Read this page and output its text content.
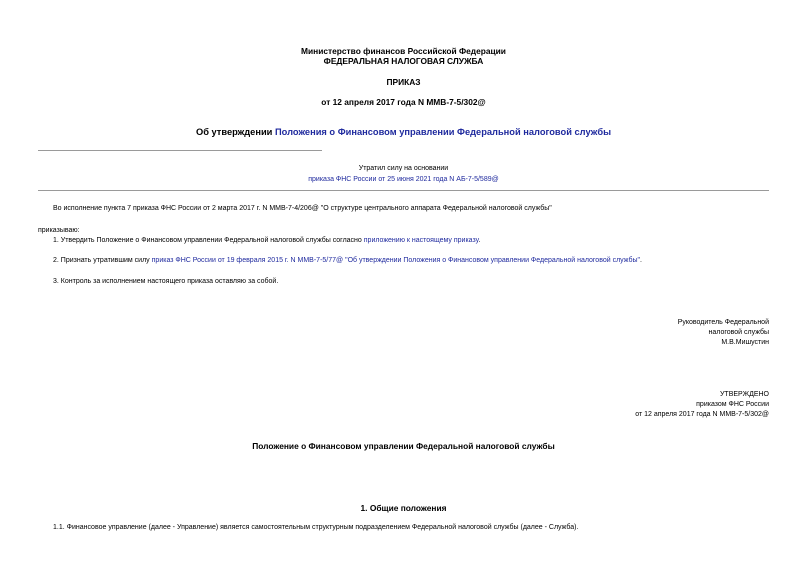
Министерство финансов Российской Федерации
ФЕДЕРАЛЬНАЯ НАЛОГОВАЯ СЛУЖБА
ПРИКАЗ
от 12 апреля 2017 года N ММВ-7-5/302@
Об утверждении Положения о Финансовом управлении Федеральной налоговой службы
Утратил силу на основании
приказа ФНС России от 25 июня 2021 года N АБ-7-5/589@
Во исполнение пункта 7 приказа ФНС России от 2 марта 2017 г. N ММВ-7-4/206@ "О структуре центрального аппарата Федеральной налоговой службы"
приказываю:
1. Утвердить Положение о Финансовом управлении Федеральной налоговой службы согласно приложению к настоящему приказу.
2. Признать утратившим силу приказ ФНС России от 19 февраля 2015 г. N ММВ-7-5/77@ "Об утверждении Положения о Финансовом управлении Федеральной налоговой службы".
3. Контроль за исполнением настоящего приказа оставляю за собой.
Руководитель Федеральной
налоговой службы
М.В.Мишустин
УТВЕРЖДЕНО
приказом ФНС России
от 12 апреля 2017 года N ММВ-7-5/302@
Положение о Финансовом управлении Федеральной налоговой службы
1. Общие положения
1.1. Финансовое управление (далее - Управление) является самостоятельным структурным подразделением Федеральной налоговой службы (далее - Служба).
